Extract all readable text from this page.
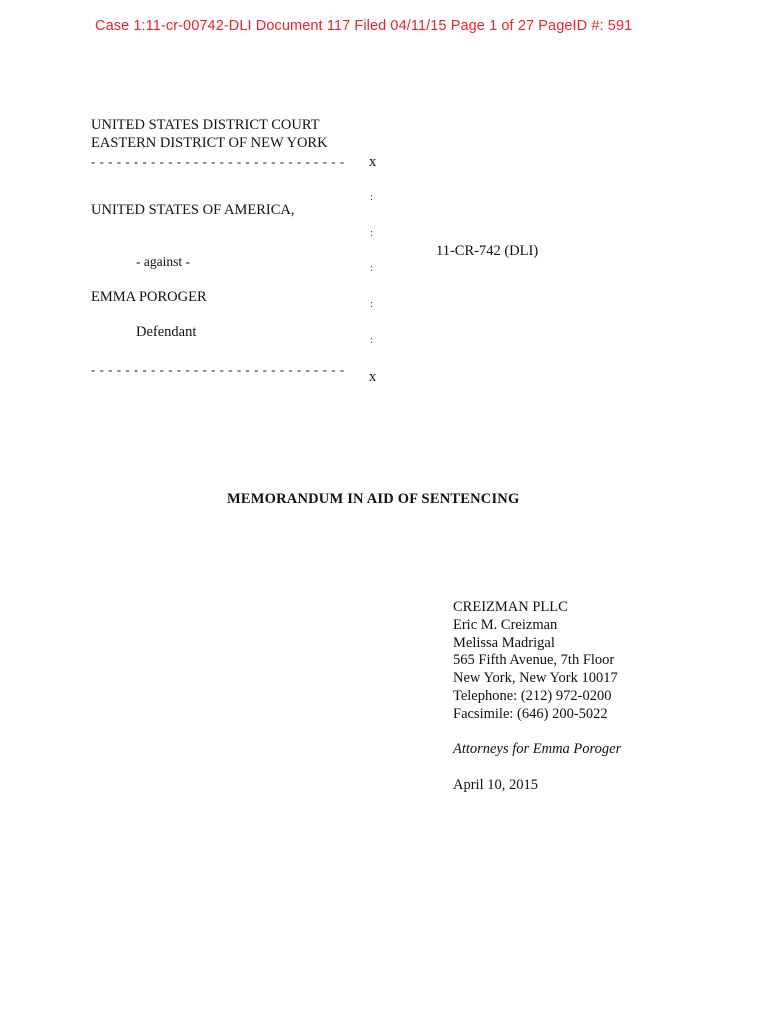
Case 1:11-cr-00742-DLI Document 117 Filed 04/11/15 Page 1 of 27 PageID #: 591
UNITED STATES DISTRICT COURT
EASTERN DISTRICT OF NEW YORK
- - - - - - - - - - - - - - - - - - - - - - - - - - - - - - x
:
UNITED STATES OF AMERICA,
:
11-CR-742 (DLI)
- against -	:
EMMA POROGER	:
Defendant	:
- - - - - - - - - - - - - - - - - - - - - - - - - - - - - - x
MEMORANDUM IN AID OF SENTENCING
CREIZMAN PLLC
Eric M. Creizman
Melissa Madrigal
565 Fifth Avenue, 7th Floor
New York, New York 10017
Telephone: (212) 972-0200
Facsimile: (646) 200-5022
Attorneys for Emma Poroger
April 10, 2015
